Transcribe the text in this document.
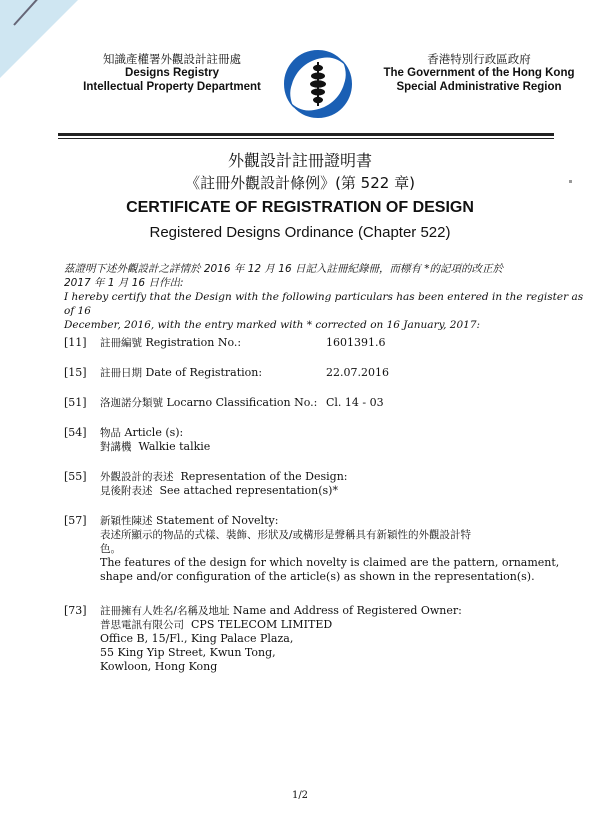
知識產權署外觀設計註冊處
Designs Registry
Intellectual Property Department
香港特別行政區政府
The Government of the Hong Kong
Special Administrative Region
外觀設計註冊證明書
《註冊外觀設計條例》(第 522 章)
CERTIFICATE OF REGISTRATION OF DESIGN
Registered Designs Ordinance (Chapter 522)
茲證明下述外觀設計之詳情於 2016 年 12 月 16 日記入註冊紀錄冊，而標有 *的記項的改正於
2017 年 1 月 16 日作出:
I hereby certify that the Design with the following particulars has been entered in the register as of 16
December, 2016, with the entry marked with * corrected on 16 January, 2017:
[11]	註冊編號 Registration No.:	1601391.6
[15]	註冊日期 Date of Registration:	22.07.2016
[51]	洛迦諾分類號 Locarno Classification No.: Cl. 14 - 03
[54]	物品 Article (s):
對講機 Walkie talkie
[55]	外觀設計的表述 Representation of the Design:
見後附表述 See attached representation(s)*
[57]	新穎性陳述 Statement of Novelty:
表述所顯示的物品的式樣、裝飾、形狀及/或構形是聲稱具有新穎性的外觀設計特
色。
The features of the design for which novelty is claimed are the pattern, ornament,
shape and/or configuration of the article(s) as shown in the representation(s).
[73]	註冊擁有人姓名/名稱及地址 Name and Address of Registered Owner:
普思電訊有限公司 CPS TELECOM LIMITED
Office B, 15/Fl., King Palace Plaza,
55 King Yip Street, Kwun Tong,
Kowloon, Hong Kong
1/2
